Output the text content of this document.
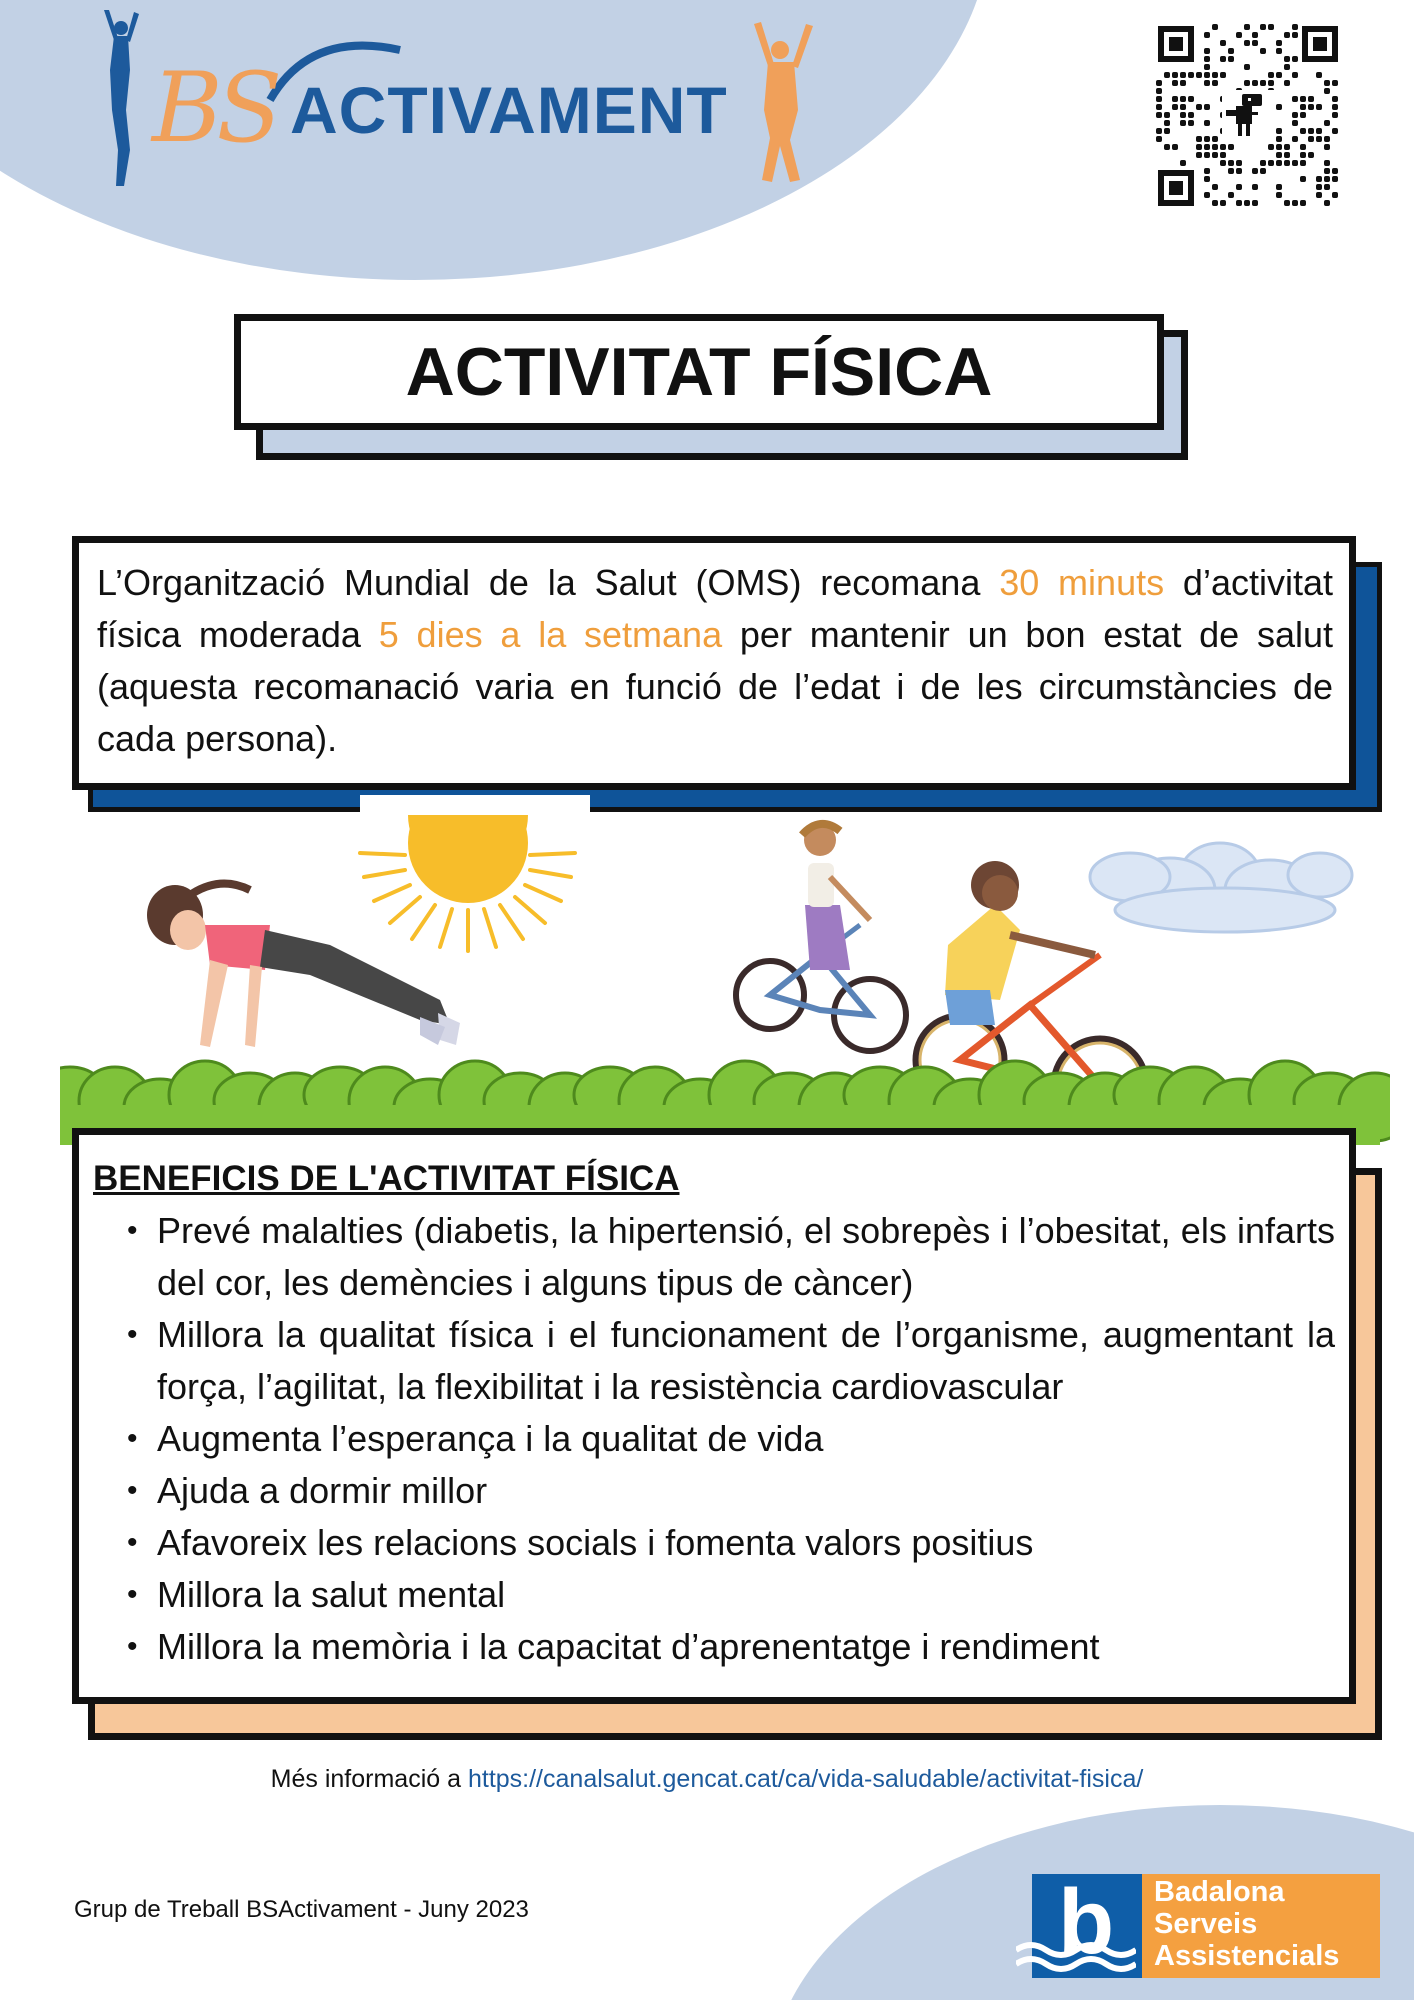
BS ACTIVAMENT
ACTIVITAT FÍSICA

L’Organització Mundial de la Salut (OMS) recomana 30 minuts d’activitat física moderada 5 dies a la setmana per mantenir un bon estat de salut (aquesta recomanació varia en funció de l’edat i de les circumstàncies de cada persona).

BENEFICIS DE L'ACTIVITAT FÍSICA
• Prevé malalties (diabetis, la hipertensió, el sobrepès i l’obesitat, els infarts del cor, les demències i alguns tipus de càncer)
• Millora la qualitat física i el funcionament de l’organisme, augmentant la força, l’agilitat, la flexibilitat i la resistència cardiovascular
• Augmenta l’esperança i la qualitat de vida
• Ajuda a dormir millor
• Afavoreix les relacions socials i fomenta valors positius
• Millora la salut mental
• Millora la memòria i la capacitat d’aprenentatge i rendiment
Més informació a https://canalsalut.gencat.cat/ca/vida-saludable/activitat-fisica/
Grup de Treball BSActivament - Juny 2023	b Badalona
Serveis
Assistencials
